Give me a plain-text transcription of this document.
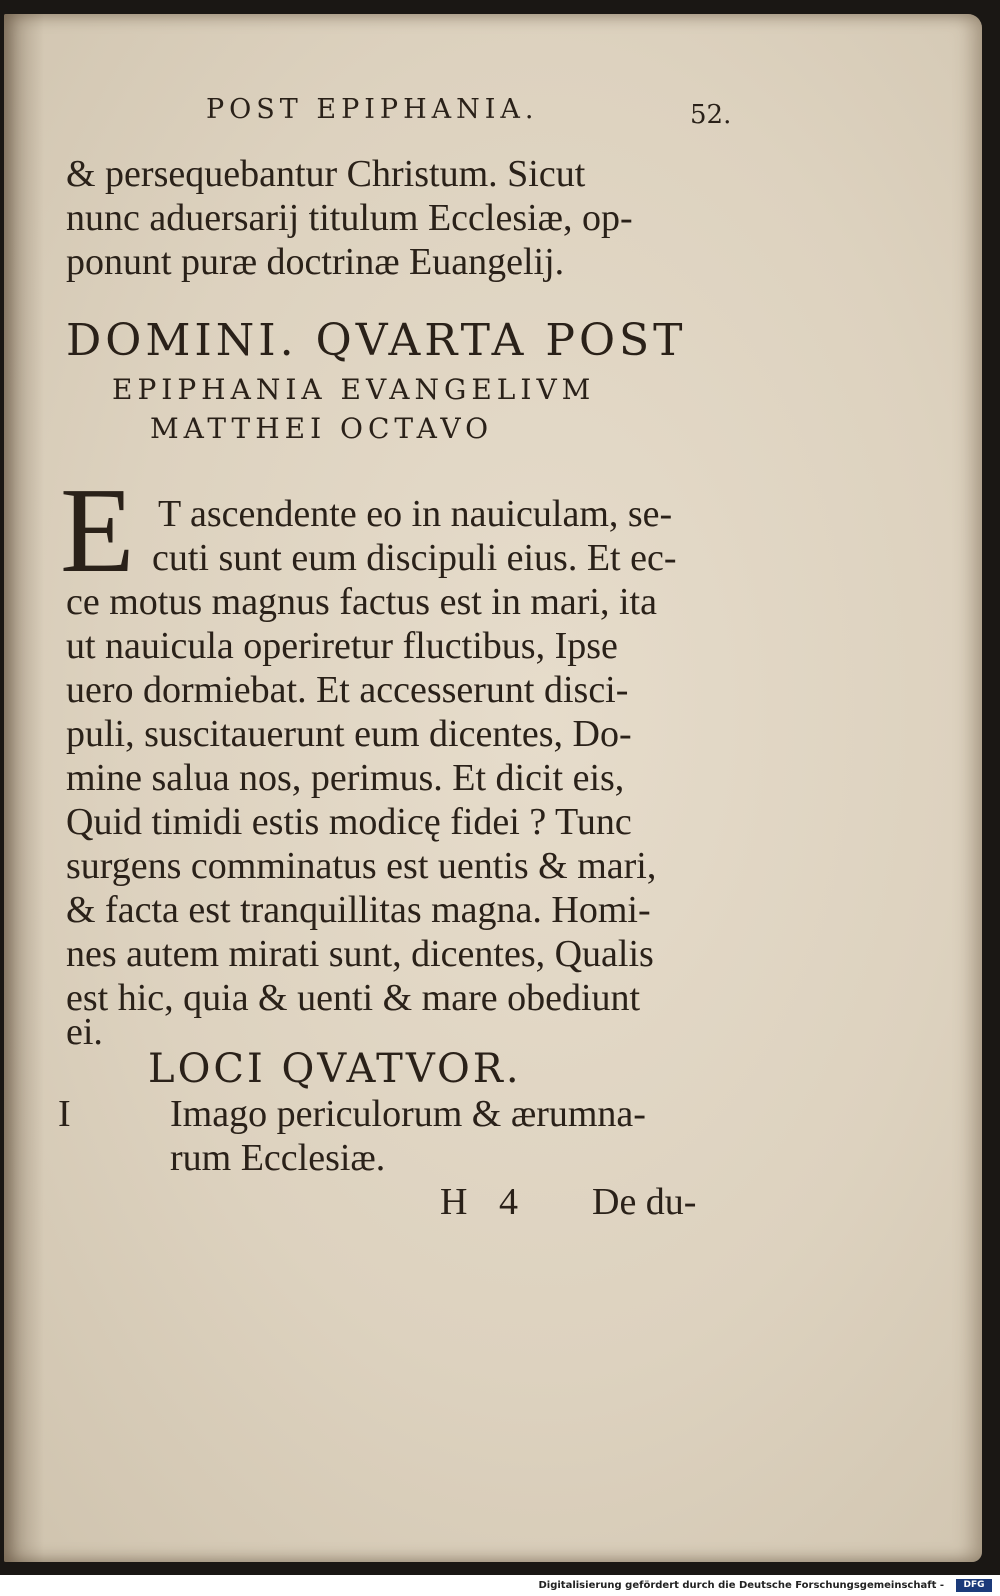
POST EPIPHANIA.	52.
& persequebantur Christum. Sicut
nunc aduersarij titulum Ecclesiæ, op-
ponunt puræ doctrinæ Euangelij.
DOMINI. QVARTA POST
EPIPHANIA EVANGELIVM
MATTHEI OCTAVO
E T ascendente eo in nauiculam, se-
cuti sunt eum discipuli eius. Et ec-
ce motus magnus factus est in mari, ita
ut nauicula operiretur fluctibus, Ipse
uero dormiebat. Et accesserunt disci-
puli, suscitauerunt eum dicentes, Do-
mine salua nos, perimus. Et dicit eis,
Quid timidi estis modicę fidei ? Tunc
surgens comminatus est uentis & mari,
& facta est tranquillitas magna. Homi-
nes autem mirati sunt, dicentes, Qualis
est hic, quia & uenti & mare obediunt
ei.
LOCI QVATVOR.
I	Imago periculorum & ærumna-
rum Ecclesiæ.
H 4 De du-
Digitalisierung gefördert durch die Deutsche Forschungsgemeinschaft -	DFG
